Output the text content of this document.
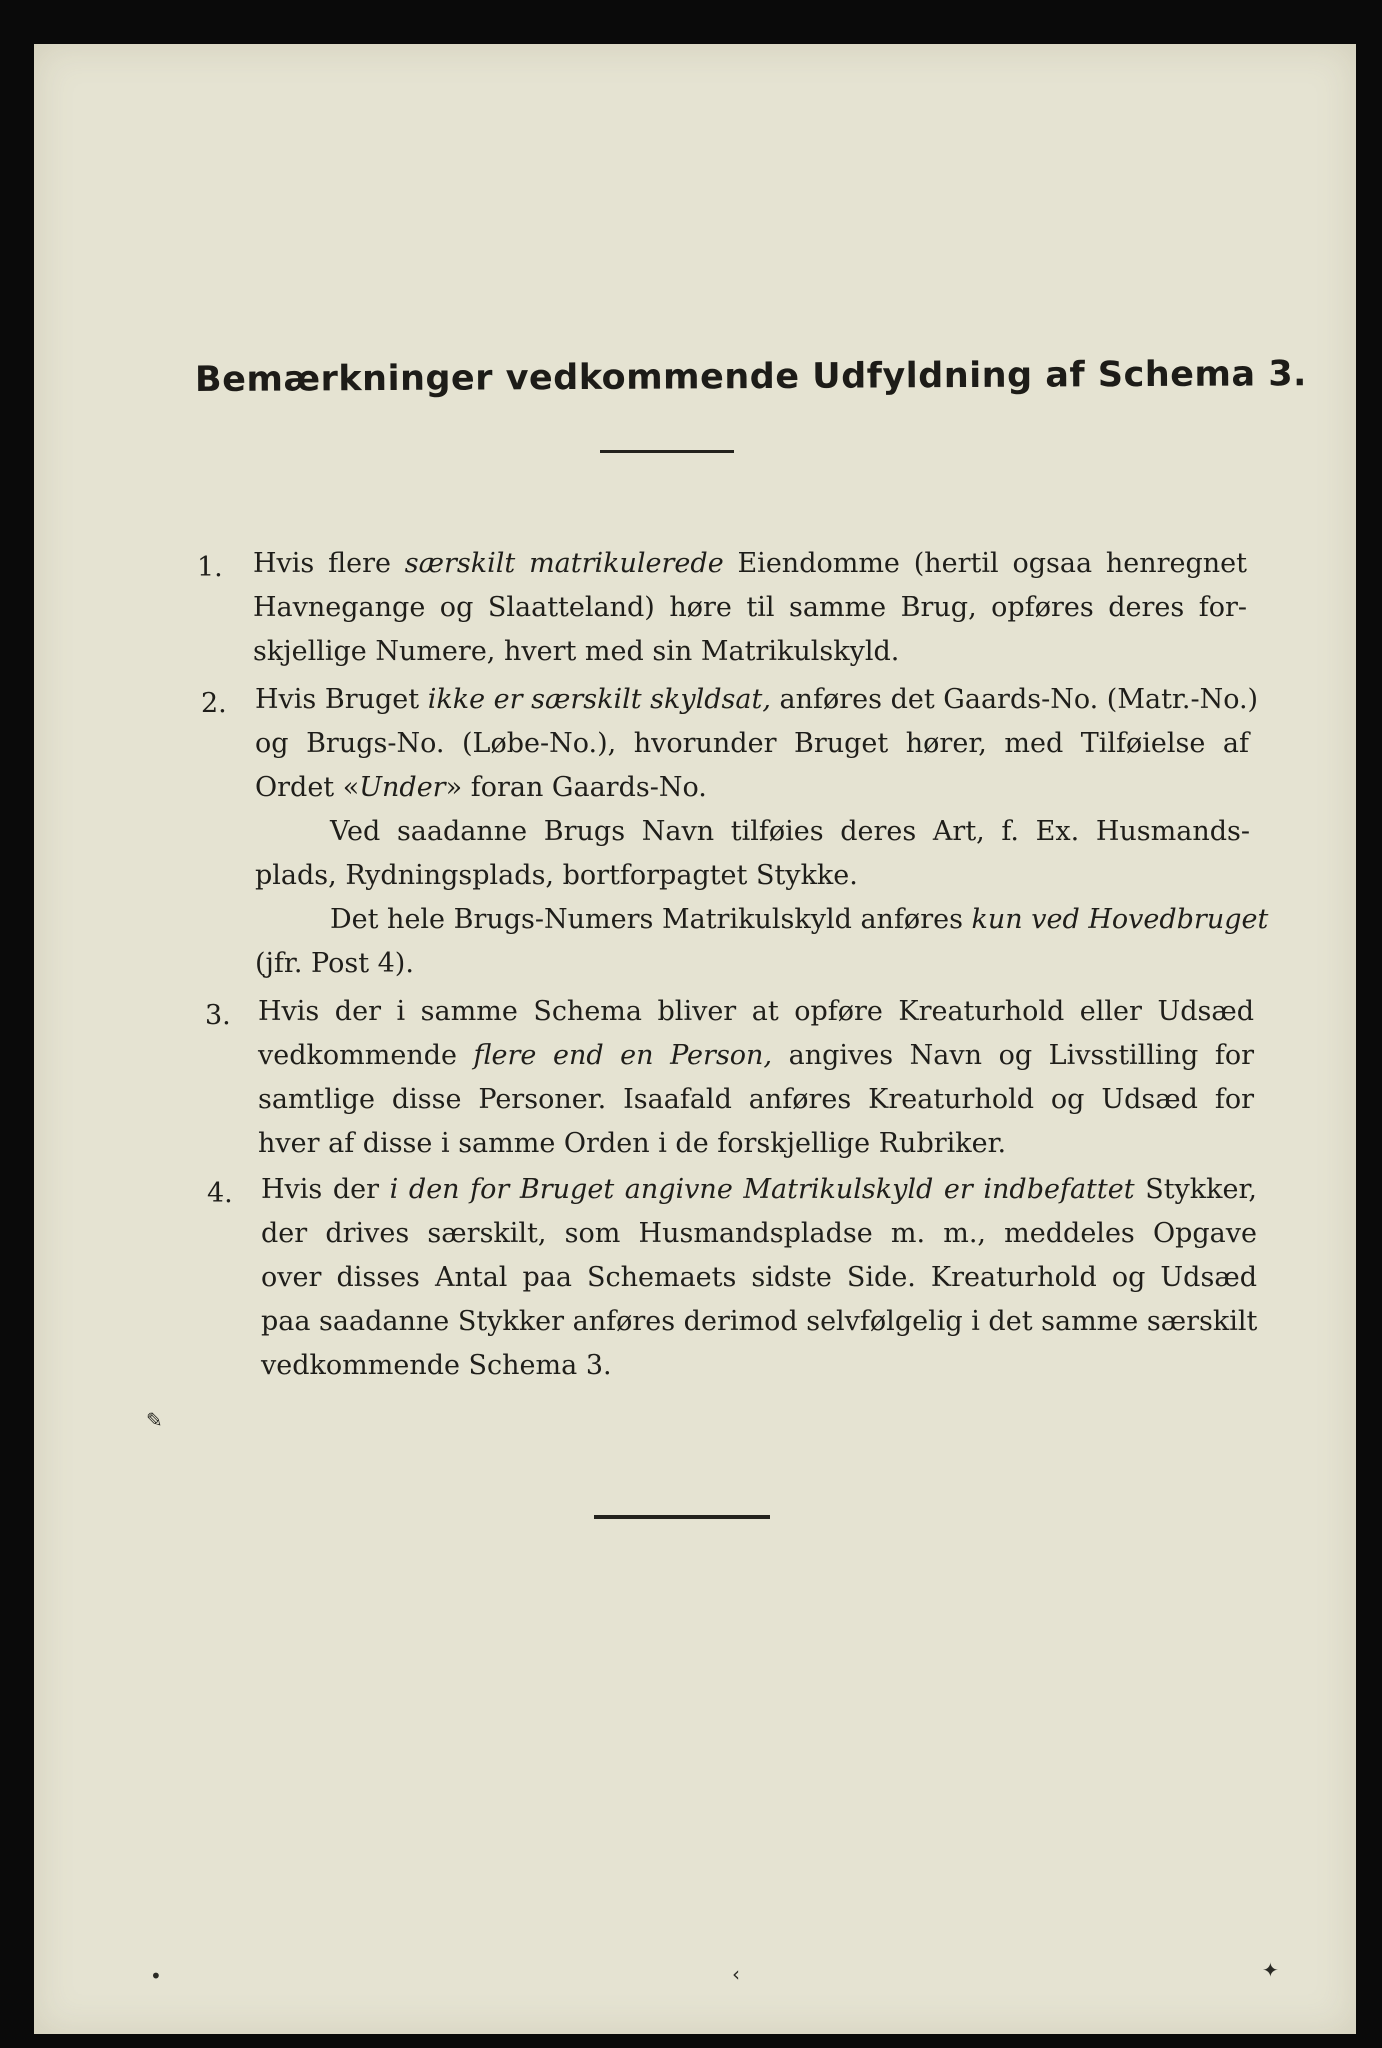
Bemærkninger vedkommende Udfyldning af Schema 3.
1. Hvis flere særskilt matrikulerede Eiendomme (hertil ogsaa henregnet
Havnegange og Slaatteland) høre til samme Brug, opføres deres for-
skjellige Numere, hvert med sin Matrikulskyld.
2. Hvis Bruget ikke er særskilt skyldsat, anføres det Gaards-No. (Matr.-No.)
og Brugs-No. (Løbe-No.), hvorunder Bruget hører, med Tilføielse af
Ordet «Under» foran Gaards-No.
Ved saadanne Brugs Navn tilføies deres Art, f. Ex. Husmands-
plads, Rydningsplads, bortforpagtet Stykke.
Det hele Brugs-Numers Matrikulskyld anføres kun ved Hovedbruget
(jfr. Post 4).
3. Hvis der i samme Schema bliver at opføre Kreaturhold eller Udsæd
vedkommende flere end en Person, angives Navn og Livsstilling for
samtlige disse Personer. Isaafald anføres Kreaturhold og Udsæd for
hver af disse i samme Orden i de forskjellige Rubriker.
4. Hvis der i den for Bruget angivne Matrikulskyld er indbefattet Stykker,
der drives særskilt, som Husmandspladse m. m., meddeles Opgave
over disses Antal paa Schemaets sidste Side. Kreaturhold og Udsæd
paa saadanne Stykker anføres derimod selvfølgelig i det samme særskilt
vedkommende Schema 3.
✎
•	‹	✦
